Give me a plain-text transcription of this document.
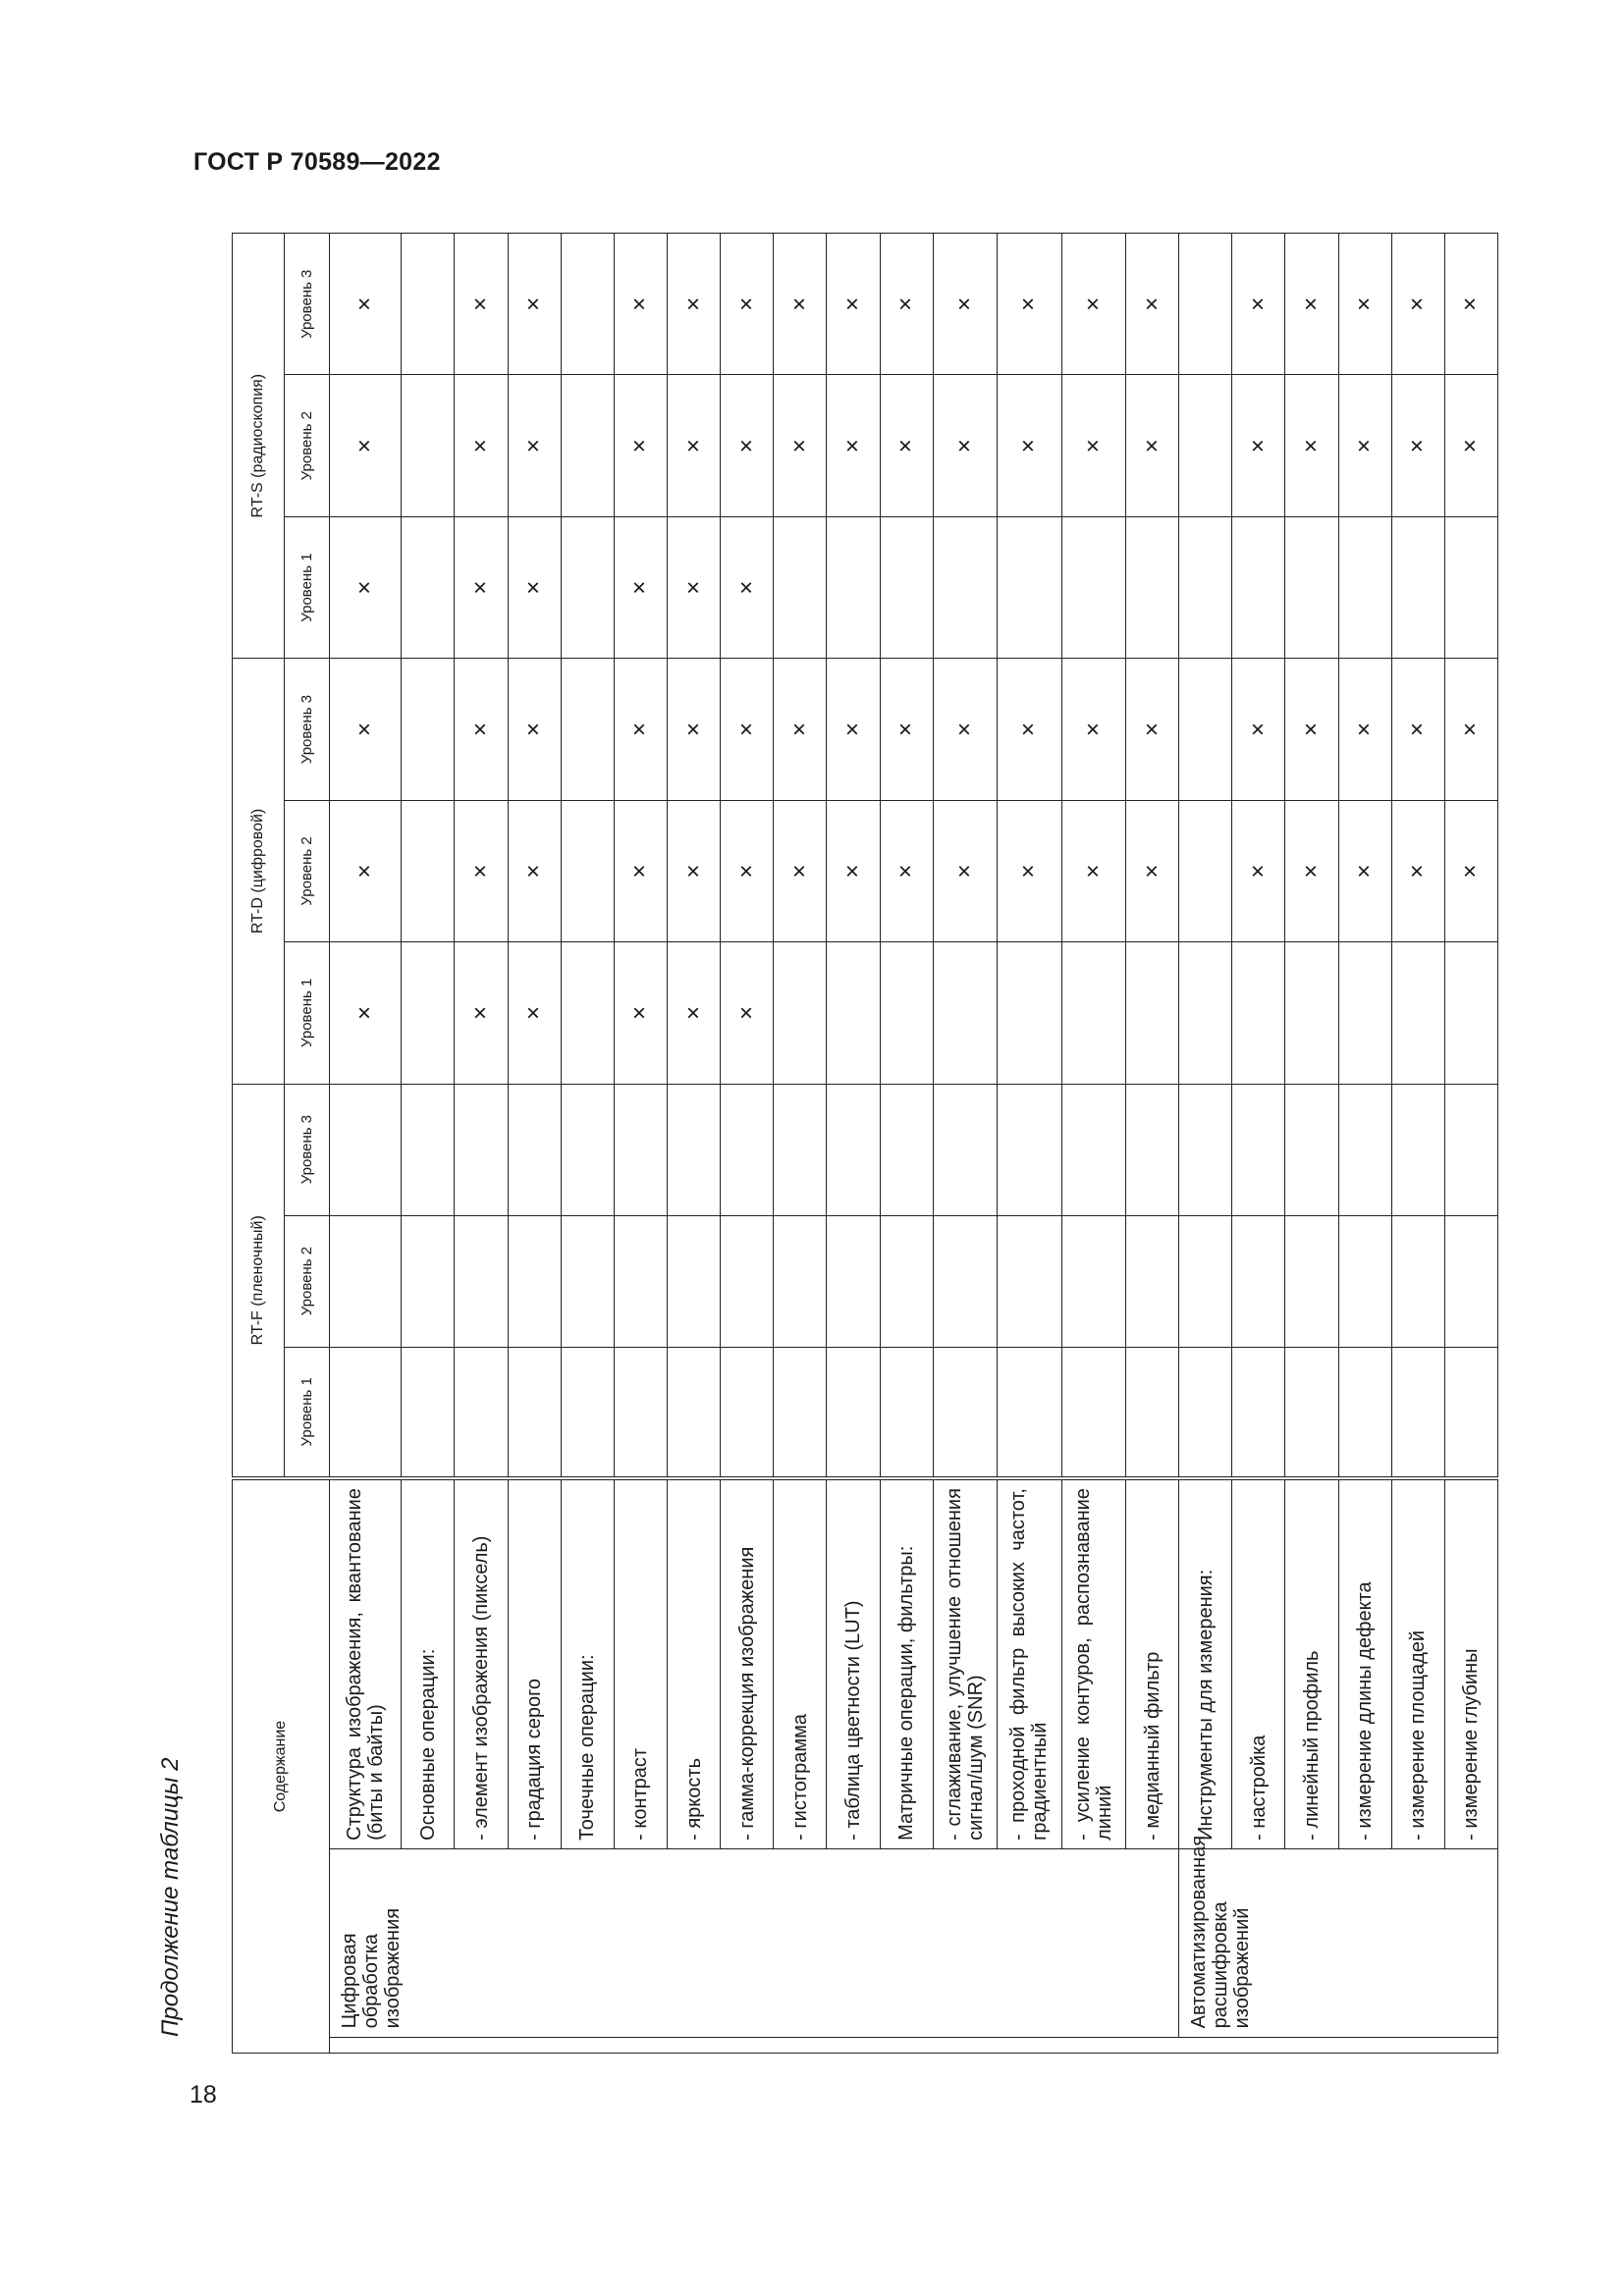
ГОСТ Р 70589—2022
Продолжение таблицы 2
18
Содержание			RT-F (пленочный)			RT-D (цифровой)			RT-S (радиоскопия)		
			Уровень 1	Уровень 2	Уровень 3	Уровень 1	Уровень 2	Уровень 3	Уровень 1	Уровень 2	Уровень 3
	Цифровая обработка изображения	Структура изображения, квантование (биты и байты)				×	×	×	×	×	×
		Основные операции:									
		- элемент изображения (пиксель)				×	×	×	×	×	×
		- градация серого				×	×	×	×	×	×
		Точечные операции:									
		- контраст				×	×	×	×	×	×
		- яркость				×	×	×	×	×	×
		- гамма-коррекция изображения				×	×	×	×	×	×
		- гистограмма					×	×		×	×
		- таблица цветности (LUT)					×	×		×	×
		Матричные операции, фильтры:					×	×		×	×
		- сглаживание, улучшение отношения сигнал/шум (SNR)					×	×		×	×
		- проходной фильтр высоких частот, градиентный					×	×		×	×
		- усиление контуров, распознавание линий					×	×		×	×
		- медианный фильтр					×	×		×	×
	Автоматизированная расшифровка изображений	Инструменты для измерения:									
		- настройка					×	×		×	×
		- линейный профиль					×	×		×	×
		- измерение длины дефекта					×	×		×	×
		- измерение площадей					×	×		×	×
		- измерение глубины					×	×		×	×
